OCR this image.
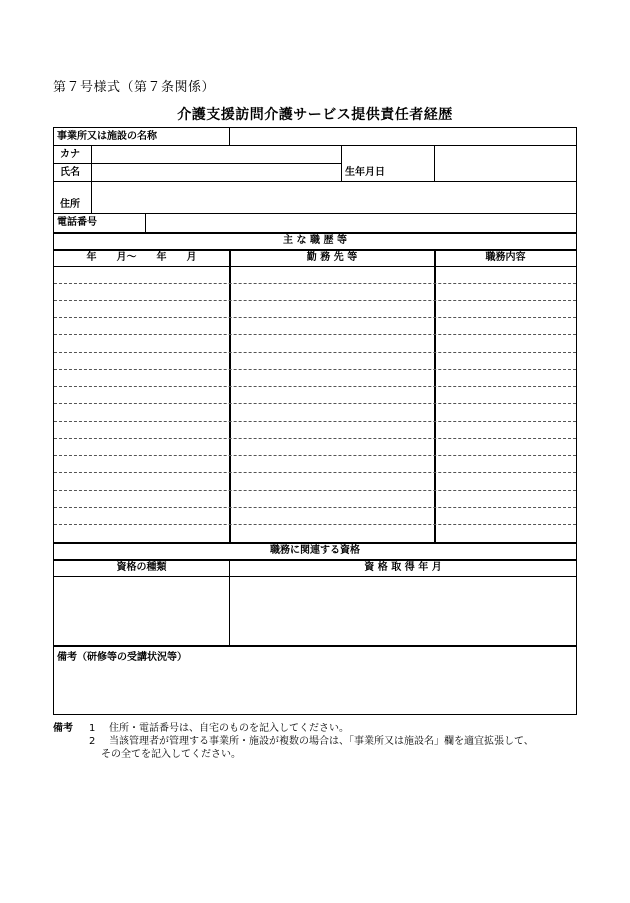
第７号様式（第７条関係）
介護支援訪問介護サービス提供責任者経歴
事業所又は施設の名称
カナ
氏名	生年月日
住所
電話番号
主 な 職 歴 等
年　　月～　　年　　月	勤 務 先 等	職務内容
職務に関連する資格
資格の種類	資 格 取 得 年 月
備考（研修等の受講状況等）
備考 1 住所・電話番号は、自宅のものを記入してください。
2 当該管理者が管理する事業所・施設が複数の場合は、「事業所又は施設名」欄を適宜拡張して、
その全てを記入してください。
